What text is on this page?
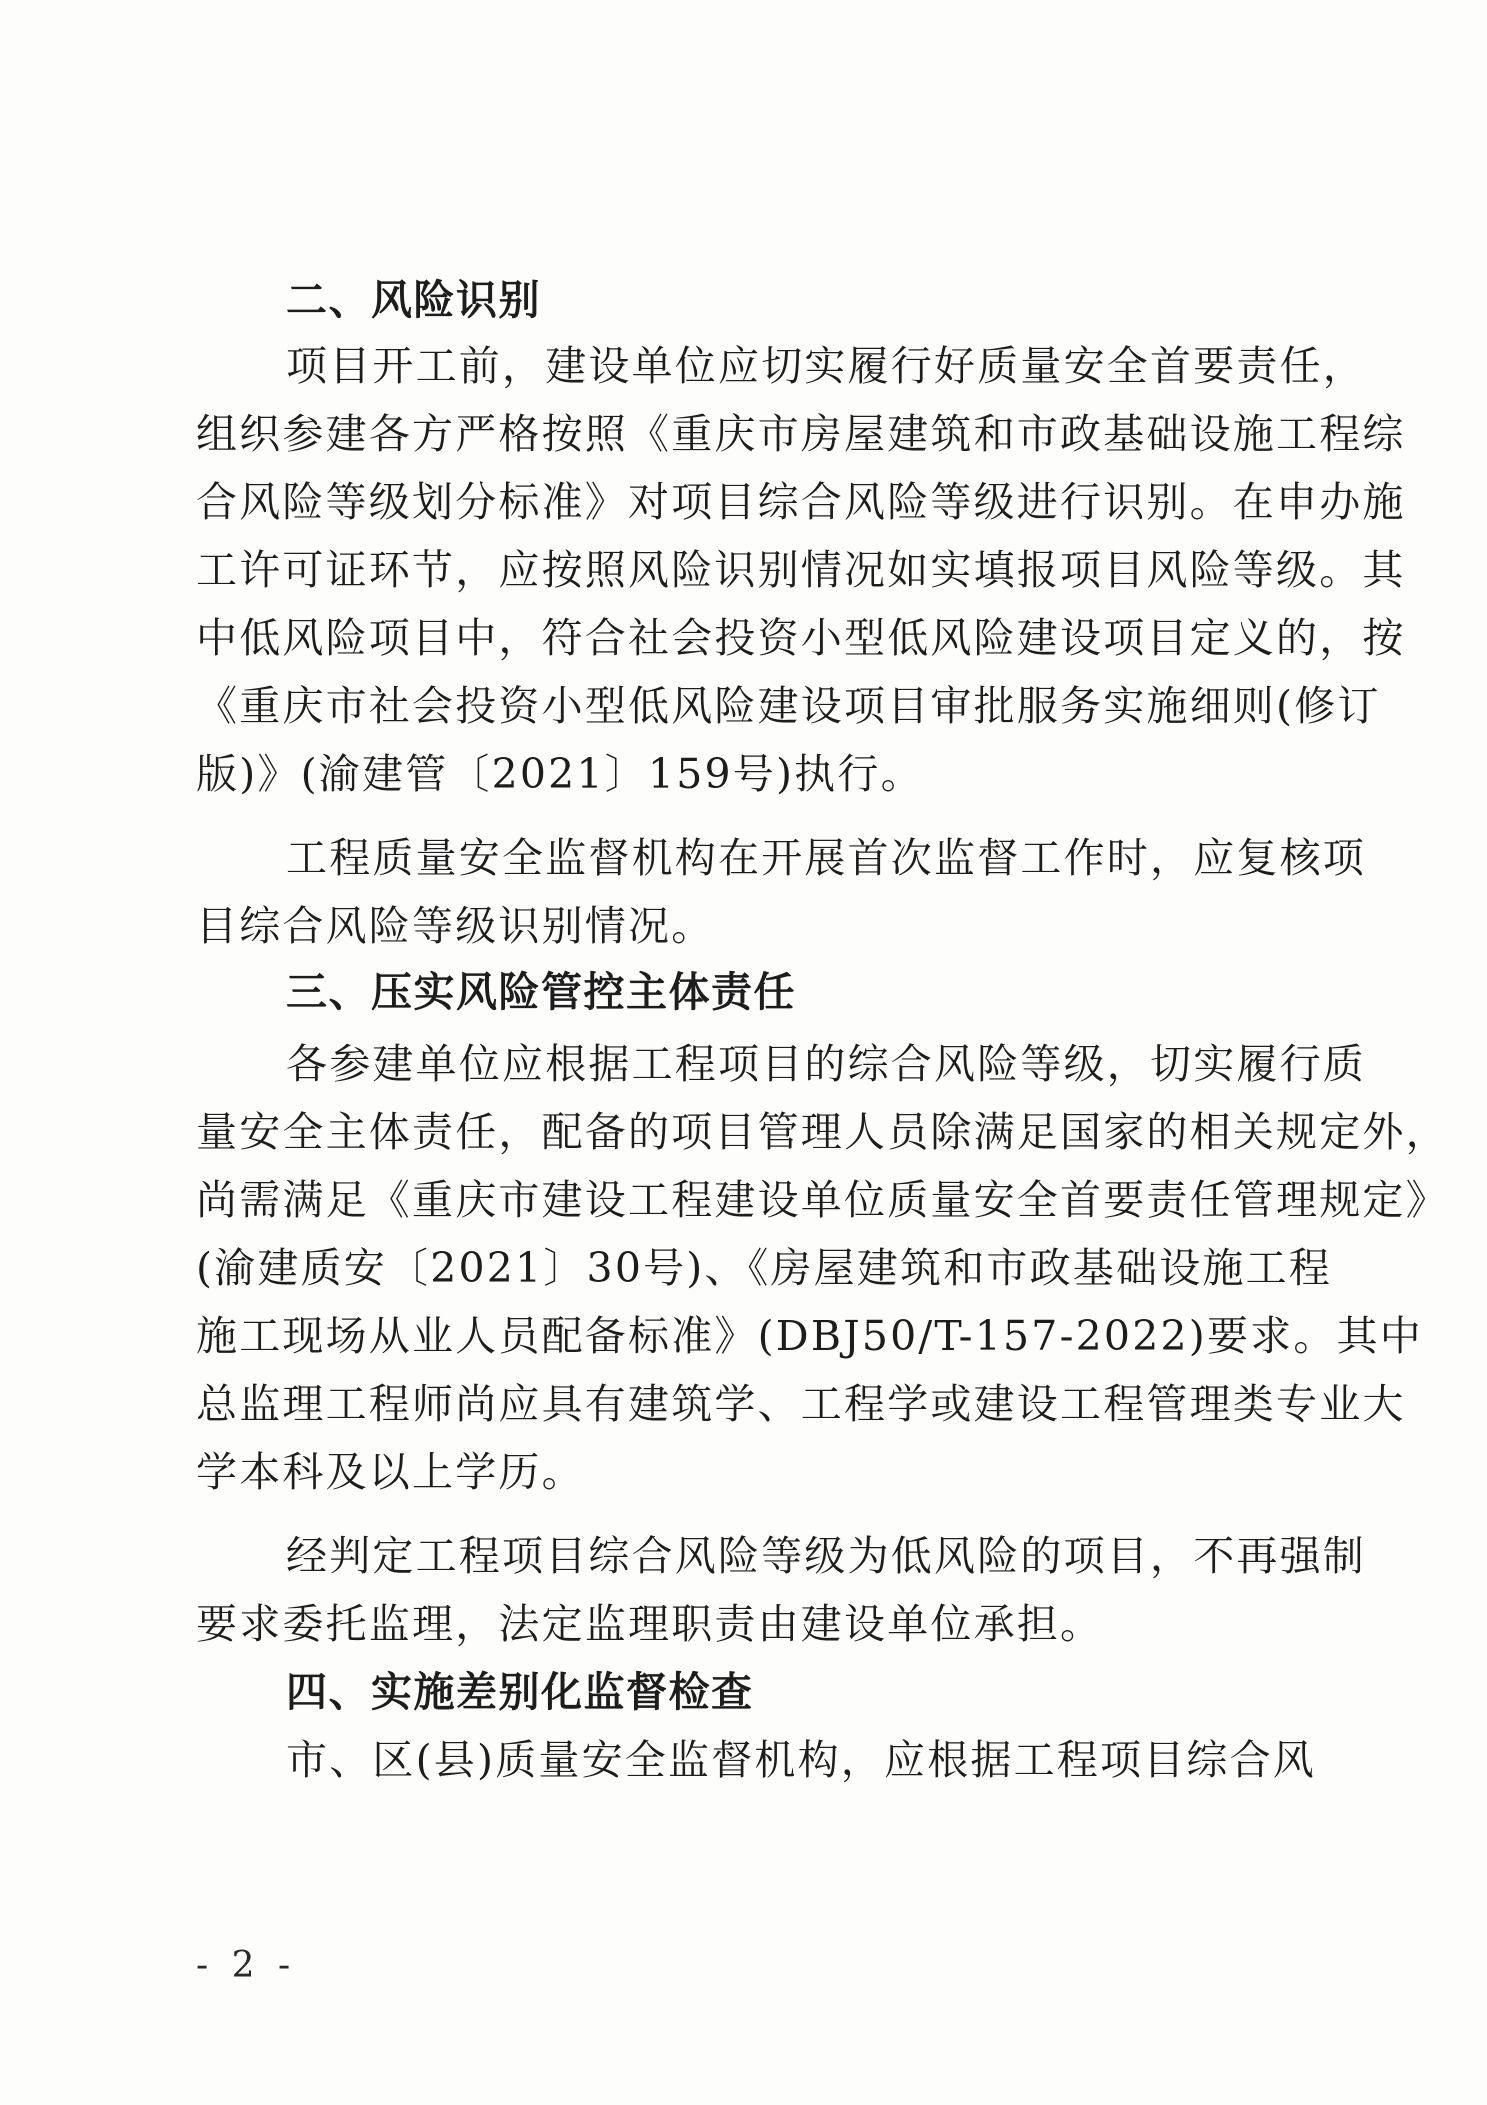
二、风险识别
项目开工前，建设单位应切实履行好质量安全首要责任，
组织参建各方严格按照《重庆市房屋建筑和市政基础设施工程综
合风险等级划分标准》对项目综合风险等级进行识别。在申办施
工许可证环节，应按照风险识别情况如实填报项目风险等级。其
中低风险项目中，符合社会投资小型低风险建设项目定义的，按
《重庆市社会投资小型低风险建设项目审批服务实施细则(修订
版)》(渝建管〔2021〕159号)执行。
工程质量安全监督机构在开展首次监督工作时，应复核项
目综合风险等级识别情况。
三、压实风险管控主体责任
各参建单位应根据工程项目的综合风险等级，切实履行质
量安全主体责任，配备的项目管理人员除满足国家的相关规定外，
尚需满足《重庆市建设工程建设单位质量安全首要责任管理规定》
(渝建质安〔2021〕30号)、《房屋建筑和市政基础设施工程
施工现场从业人员配备标准》(DBJ50/T-157-2022)要求。其中
总监理工程师尚应具有建筑学、工程学或建设工程管理类专业大
学本科及以上学历。
经判定工程项目综合风险等级为低风险的项目，不再强制
要求委托监理，法定监理职责由建设单位承担。
四、实施差别化监督检查
市、区(县)质量安全监督机构，应根据工程项目综合风
- 2 -
